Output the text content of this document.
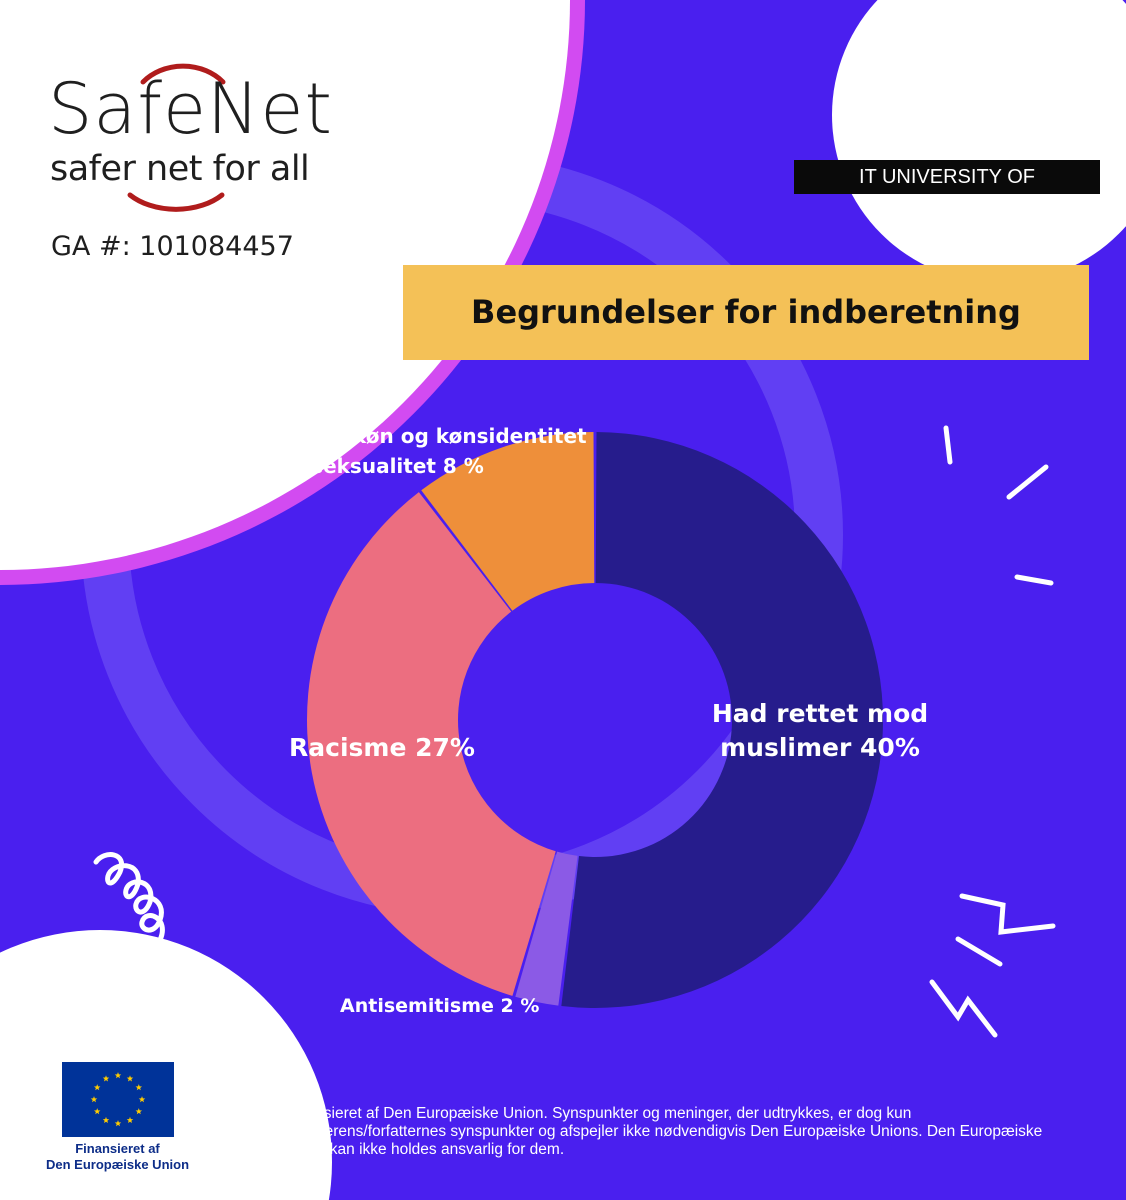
SafeNet
safer net for all
GA #: 101084457
IT UNIVERSITY OF COPENHAGEN
Begrundelser for indberetning
Had rettet mod muslimer 40%
Antisemitisme 2 %
Racisme 27%
Had baseret på køn og kønsidentitet og seksualitet 8 %
Finansieret af
Den Europæiske Union
Finansieret af Den Europæiske Union. Synspunkter og meninger, der udtrykkes, er dog kun forfatterens/forfatternes synspunkter og afspejler ikke nødvendigvis Den Europæiske Unions. Den Europæiske Union kan ikke holdes ansvarlig for dem.
